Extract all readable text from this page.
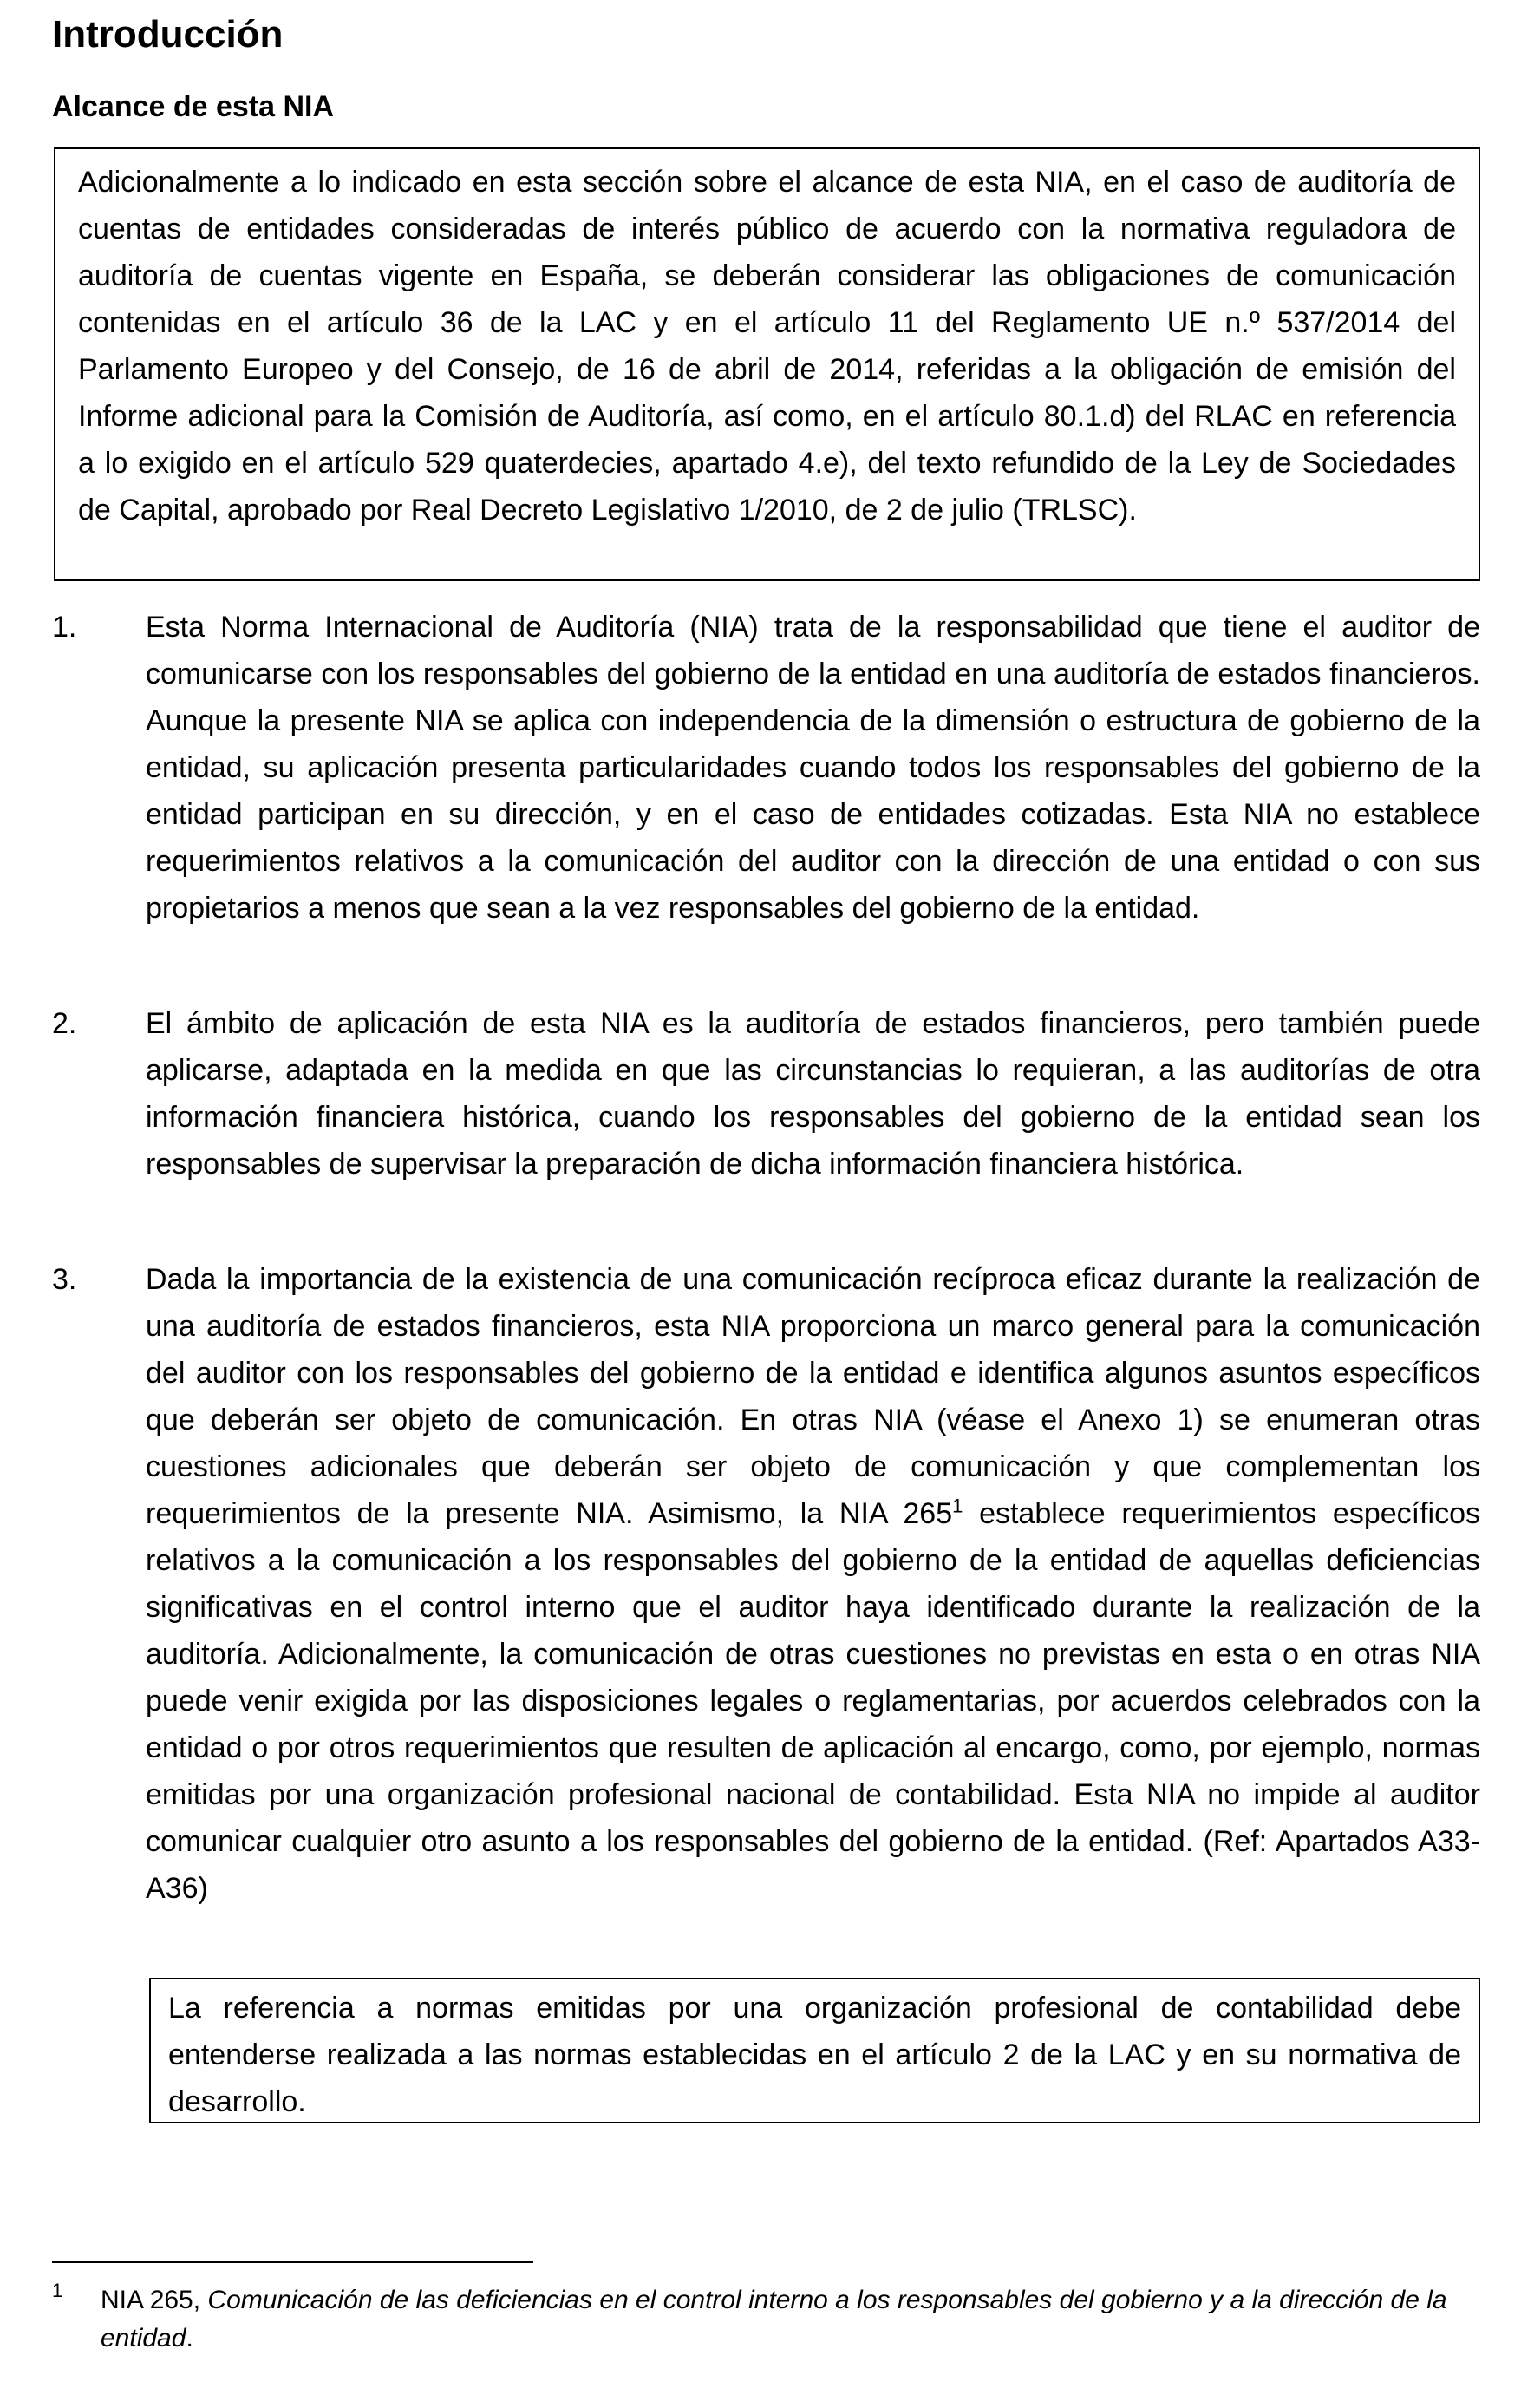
Introducción
Alcance de esta NIA

Adicionalmente a lo indicado en esta sección sobre el alcance de esta NIA, en el caso de auditoría de cuentas de entidades consideradas de interés público de acuerdo con la normativa reguladora de auditoría de cuentas vigente en España, se deberán considerar las obligaciones de comunicación contenidas en el artículo 36 de la LAC y en el artículo 11 del Reglamento UE n.º 537/2014 del Parlamento Europeo y del Consejo, de 16 de abril de 2014, referidas a la obligación de emisión del Informe adicional para la Comisión de Auditoría, así como, en el artículo 80.1.d) del RLAC en referencia a lo exigido en el artículo 529 quaterdecies, apartado 4.e), del texto refundido de la Ley de Sociedades de Capital, aprobado por Real Decreto Legislativo 1/2010, de 2 de julio (TRLSC).

1. Esta Norma Internacional de Auditoría (NIA) trata de la responsabilidad que tiene el auditor de comunicarse con los responsables del gobierno de la entidad en una auditoría de estados financieros. Aunque la presente NIA se aplica con independencia de la dimensión o estructura de gobierno de la entidad, su aplicación presenta particularidades cuando todos los responsables del gobierno de la entidad participan en su dirección, y en el caso de entidades cotizadas. Esta NIA no establece requerimientos relativos a la comunicación del auditor con la dirección de una entidad o con sus propietarios a menos que sean a la vez responsables del gobierno de la entidad.

2. El ámbito de aplicación de esta NIA es la auditoría de estados financieros, pero también puede aplicarse, adaptada en la medida en que las circunstancias lo requieran, a las auditorías de otra información financiera histórica, cuando los responsables del gobierno de la entidad sean los responsables de supervisar la preparación de dicha información financiera histórica.

3. Dada la importancia de la existencia de una comunicación recíproca eficaz durante la realización de una auditoría de estados financieros, esta NIA proporciona un marco general para la comunicación del auditor con los responsables del gobierno de la entidad e identifica algunos asuntos específicos que deberán ser objeto de comunicación. En otras NIA (véase el Anexo 1) se enumeran otras cuestiones adicionales que deberán ser objeto de comunicación y que complementan los requerimientos de la presente NIA. Asimismo, la NIA $265^1$ establece requerimientos específicos relativos a la comunicación a los responsables del gobierno de la entidad de aquellas deficiencias significativas en el control interno que el auditor haya identificado durante la realización de la auditoría. Adicionalmente, la comunicación de otras cuestiones no previstas en esta o en otras NIA puede venir exigida por las disposiciones legales o reglamentarias, por acuerdos celebrados con la entidad o por otros requerimientos que resulten de aplicación al encargo, como, por ejemplo, normas emitidas por una organización profesional nacional de contabilidad. Esta NIA no impide al auditor comunicar cualquier otro asunto a los responsables del gobierno de la entidad. (Ref: Apartados A33-A36)

La referencia a normas emitidas por una organización profesional de contabilidad debe entenderse realizada a las normas establecidas en el artículo 2 de la LAC y en su normativa de desarrollo.

1 NIA 265, Comunicación de las deficiencias en el control interno a los responsables del gobierno y a la dirección de la entidad.
